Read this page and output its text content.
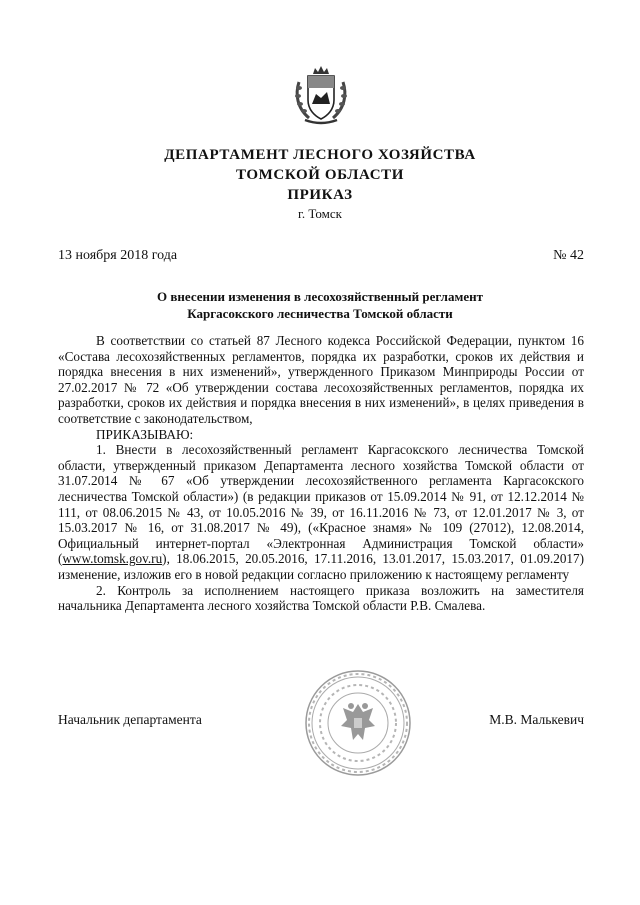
ДЕПАРТАМЕНТ ЛЕСНОГО ХОЗЯЙСТВА
ТОМСКОЙ ОБЛАСТИ
ПРИКАЗ
г. Томск
13 ноября 2018 года	№ 42
О внесении изменения в лесохозяйственный регламент
Каргасокского лесничества Томской области

В соответствии со статьей 87 Лесного кодекса Российской Федерации, пунктом 16 «Состава лесохозяйственных регламентов, порядка их разработки, сроков их действия и порядка внесения в них изменений», утвержденного Приказом Минприроды России от 27.02.2017 № 72 «Об утверждении состава лесохозяйственных регламентов, порядка их разработки, сроков их действия и порядка внесения в них изменений», в целях приведения в соответствие с законодательством,

ПРИКАЗЫВАЮ:

1. Внести в лесохозяйственный регламент Каргасокского лесничества Томской области, утвержденный приказом Департамента лесного хозяйства Томской области от 31.07.2014 № 67 «Об утверждении лесохозяйственного регламента Каргасокского лесничества Томской области») (в редакции приказов от 15.09.2014 № 91, от 12.12.2014 № 111, от 08.06.2015 № 43, от 10.05.2016 № 39, от 16.11.2016 № 73, от 12.01.2017 № 3, от 15.03.2017 № 16, от 31.08.2017 № 49), («Красное знамя» № 109 (27012), 12.08.2014, Официальный интернет-портал «Электронная Администрация Томской области» (www.tomsk.gov.ru), 18.06.2015, 20.05.2016, 17.11.2016, 13.01.2017, 15.03.2017, 01.09.2017) изменение, изложив его в новой редакции согласно приложению к настоящему регламенту

2. Контроль за исполнением настоящего приказа возложить на заместителя начальника Департамента лесного хозяйства Томской области Р.В. Смалева.

Начальник департамента	М.В. Малькевич
